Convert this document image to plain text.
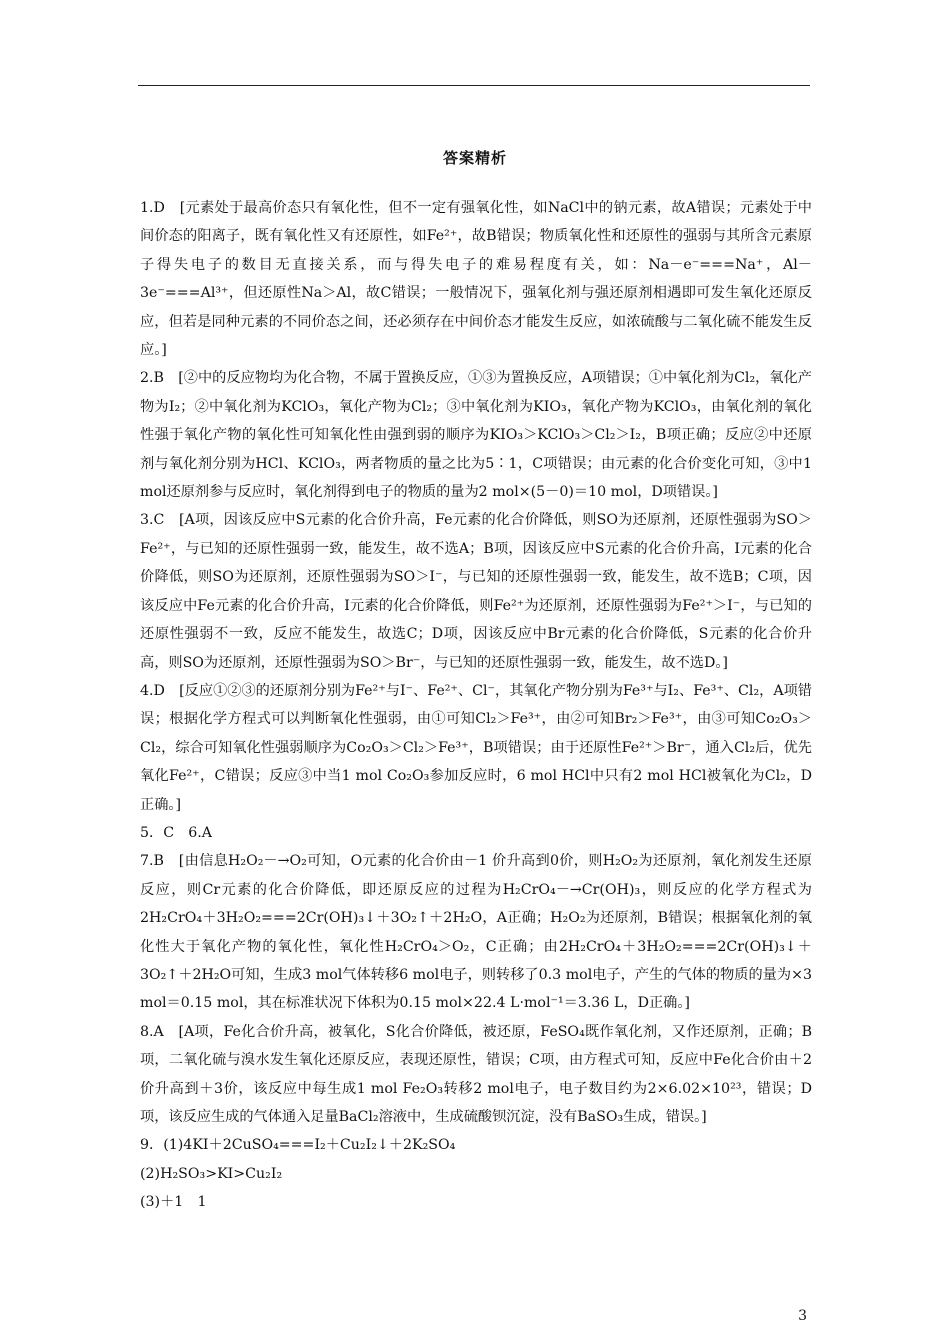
答案精析

1.D　[元素处于最高价态只有氧化性，但不一定有强氧化性，如NaCl中的钠元素，故A错误；元素处于中间价态的阳离子，既有氧化性又有还原性，如Fe²⁺，故B错误；物质氧化性和还原性的强弱与其所含元素原子得失电子的数目无直接关系，而与得失电子的难易程度有关，如：Na－e⁻===Na⁺，Al－3e⁻===Al³⁺，但还原性Na＞Al，故C错误；一般情况下，强氧化剂与强还原剂相遇即可发生氧化还原反应，但若是同种元素的不同价态之间，还必须存在中间价态才能发生反应，如浓硫酸与二氧化硫不能发生反应。]

2.B　[②中的反应物均为化合物，不属于置换反应，①③为置换反应，A项错误；①中氧化剂为Cl₂，氧化产物为I₂；②中氧化剂为KClO₃，氧化产物为Cl₂；③中氧化剂为KIO₃，氧化产物为KClO₃，由氧化剂的氧化性强于氧化产物的氧化性可知氧化性由强到弱的顺序为KIO₃＞KClO₃＞Cl₂＞I₂，B项正确；反应②中还原剂与氧化剂分别为HCl、KClO₃，两者物质的量之比为5∶1，C项错误；由元素的化合价变化可知，③中1 mol还原剂参与反应时，氧化剂得到电子的物质的量为2 mol×(5－0)＝10 mol，D项错误。]

3.C　[A项，因该反应中S元素的化合价升高，Fe元素的化合价降低，则SO为还原剂，还原性强弱为SO＞Fe²⁺，与已知的还原性强弱一致，能发生，故不选A；B项，因该反应中S元素的化合价升高，I元素的化合价降低，则SO为还原剂，还原性强弱为SO＞I⁻，与已知的还原性强弱一致，能发生，故不选B；C项，因该反应中Fe元素的化合价升高，I元素的化合价降低，则Fe²⁺为还原剂，还原性强弱为Fe²⁺＞I⁻，与已知的还原性强弱不一致，反应不能发生，故选C；D项，因该反应中Br元素的化合价降低，S元素的化合价升高，则SO为还原剂，还原性强弱为SO＞Br⁻，与已知的还原性强弱一致，能发生，故不选D。]

4.D　[反应①②③的还原剂分别为Fe²⁺与I⁻、Fe²⁺、Cl⁻，其氧化产物分别为Fe³⁺与I₂、Fe³⁺、Cl₂，A项错误；根据化学方程式可以判断氧化性强弱，由①可知Cl₂＞Fe³⁺，由②可知Br₂＞Fe³⁺，由③可知Co₂O₃＞Cl₂，综合可知氧化性强弱顺序为Co₂O₃＞Cl₂＞Fe³⁺，B项错误；由于还原性Fe²⁺＞Br⁻，通入Cl₂后，优先氧化Fe²⁺，C错误；反应③中当1 mol Co₂O₃参加反应时，6 mol HCl中只有2 mol HCl被氧化为Cl₂，D正确。]

5．C　6.A

7.B　[由信息H₂O₂－→O₂可知，O元素的化合价由－1 价升高到0价，则H₂O₂为还原剂，氧化剂发生还原反应，则Cr元素的化合价降低，即还原反应的过程为H₂CrO₄－→Cr(OH)₃，则反应的化学方程式为2H₂CrO₄＋3H₂O₂===2Cr(OH)₃↓＋3O₂↑＋2H₂O，A正确；H₂O₂为还原剂，B错误；根据氧化剂的氧化性大于氧化产物的氧化性，氧化性H₂CrO₄＞O₂，C正确；由2H₂CrO₄＋3H₂O₂===2Cr(OH)₃↓＋3O₂↑＋2H₂O可知，生成3 mol气体转移6 mol电子，则转移了0.3 mol电子，产生的气体的物质的量为×3 mol＝0.15 mol，其在标准状况下体积为0.15 mol×22.4 L·mol⁻¹＝3.36 L，D正确。]

8.A　[A项，Fe化合价升高，被氧化，S化合价降低，被还原，FeSO₄既作氧化剂，又作还原剂，正确；B项，二氧化硫与溴水发生氧化还原反应，表现还原性，错误；C项，由方程式可知，反应中Fe化合价由＋2价升高到＋3价，该反应中每生成1 mol Fe₂O₃转移2 mol电子，电子数目约为2×6.02×10²³，错误；D项，该反应生成的气体通入足量BaCl₂溶液中，生成硫酸钡沉淀，没有BaSO₃生成，错误。]

9．(1)4KI＋2CuSO₄===I₂＋Cu₂I₂↓＋2K₂SO₄

(2)H₂SO₃>KI>Cu₂I₂

(3)＋1　1

3
